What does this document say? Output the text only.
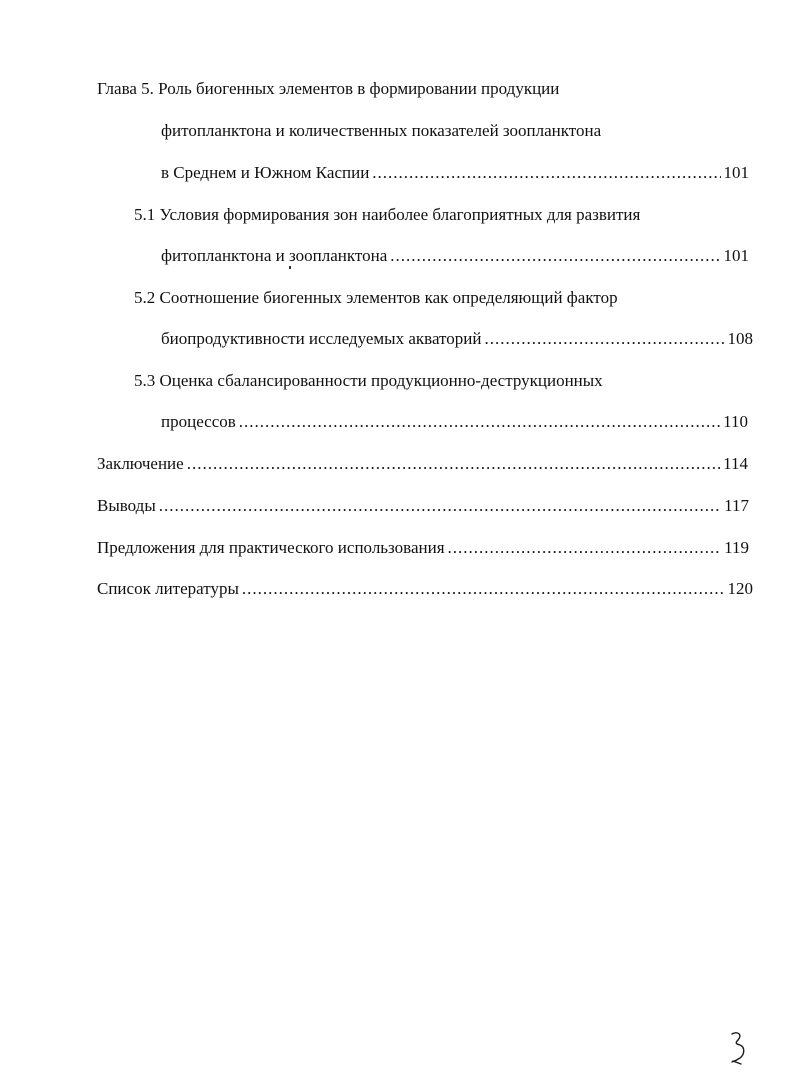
Глава 5. Роль биогенных элементов в формировании продукции
фитопланктона и количественных показателей зоопланктона
в Среднем и Южном Каспии .....	101
5.1 Условия формирования зон наиболее благоприятных для развития
фитопланктона и зоопланктона .....	101
5.2 Соотношение биогенных элементов как определяющий фактор
биопродуктивности исследуемых акваторий .....	108
5.3 Оценка сбалансированности продукционно-деструкционных
процессов .....	110
Заключение .....	114
Выводы .....	117
Предложения для практического использования .....	119
Список литературы .....	120
